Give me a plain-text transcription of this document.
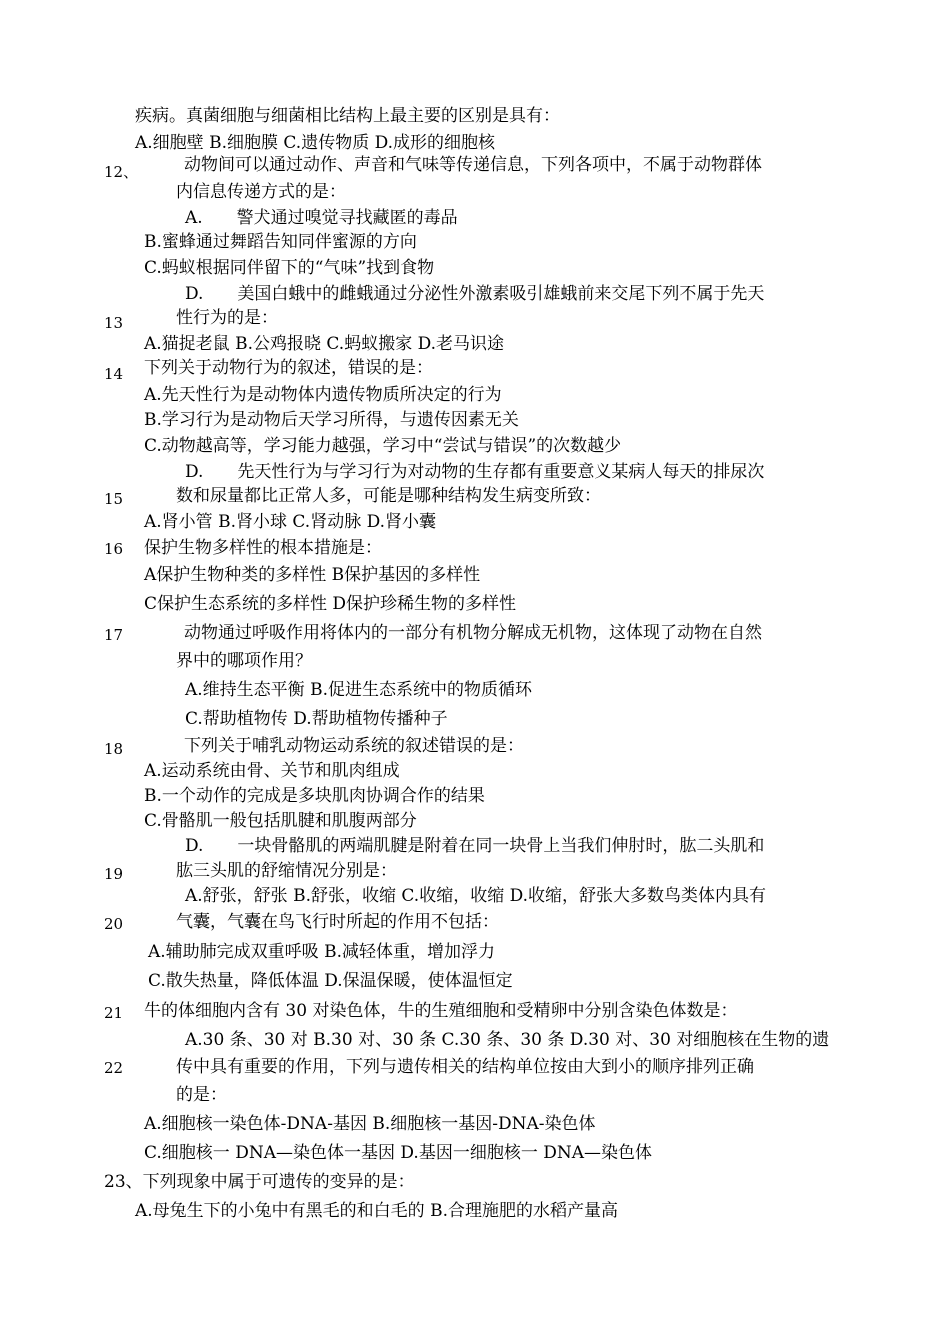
疾病。真菌细胞与细菌相比结构上最主要的区别是具有：
A.细胞壁 B.细胞膜 C.遗传物质 D.成形的细胞核
12、	动物间可以通过动作、声音和气味等传递信息，下列各项中，不属于动物群体
内信息传递方式的是：
A.　　警犬通过嗅觉寻找藏匿的毒品
B.蜜蜂通过舞蹈告知同伴蜜源的方向
C.蚂蚁根据同伴留下的“气味”找到食物
D.　　美国白蛾中的雌蛾通过分泌性外激素吸引雄蛾前来交尾下列不属于先天
13	性行为的是：
A.猫捉老鼠 B.公鸡报晓 C.蚂蚁搬家 D.老马识途
14 下列关于动物行为的叙述，错误的是：
A.先天性行为是动物体内遗传物质所决定的行为
B.学习行为是动物后天学习所得，与遗传因素无关
C.动物越高等，学习能力越强，学习中“尝试与错误”的次数越少
D.　　先天性行为与学习行为对动物的生存都有重要意义某病人每天的排尿次
15	数和尿量都比正常人多，可能是哪种结构发生病变所致：
A.肾小管 B.肾小球 C.肾动脉 D.肾小囊
16 保护生物多样性的根本措施是：
A保护生物种类的多样性 B保护基因的多样性
C保护生态系统的多样性 D保护珍稀生物的多样性
17	动物通过呼吸作用将体内的一部分有机物分解成无机物，这体现了动物在自然
界中的哪项作用？
A.维持生态平衡 B.促进生态系统中的物质循环
C.帮助植物传 D.帮助植物传播种子
18	下列关于哺乳动物运动系统的叙述错误的是：
A.运动系统由骨、关节和肌肉组成
B.一个动作的完成是多块肌肉协调合作的结果
C.骨骼肌一般包括肌腱和肌腹两部分
D.　　一块骨骼肌的两端肌腱是附着在同一块骨上当我们伸肘时，肱二头肌和
19	肱三头肌的舒缩情况分别是：
A.舒张，舒张 B.舒张，收缩 C.收缩，收缩 D.收缩，舒张大多数鸟类体内具有
20	气囊，气囊在鸟飞行时所起的作用不包括：
A.辅助肺完成双重呼吸 B.减轻体重，增加浮力
C.散失热量，降低体温 D.保温保暖，使体温恒定
21 牛的体细胞内含有 30 对染色体，牛的生殖细胞和受精卵中分别含染色体数是：
A.30 条、30 对 B.30 对、30 条 C.30 条、30 条 D.30 对、30 对细胞核在生物的遗
22	传中具有重要的作用，下列与遗传相关的结构单位按由大到小的顺序排列正确
的是：
A.细胞核一染色体-DNA-基因 B.细胞核一基因-DNA-染色体
C.细胞核一 DNA—染色体一基因 D.基因一细胞核一 DNA—染色体
23、下列现象中属于可遗传的变异的是：
A.母兔生下的小兔中有黑毛的和白毛的 B.合理施肥的水稻产量高
